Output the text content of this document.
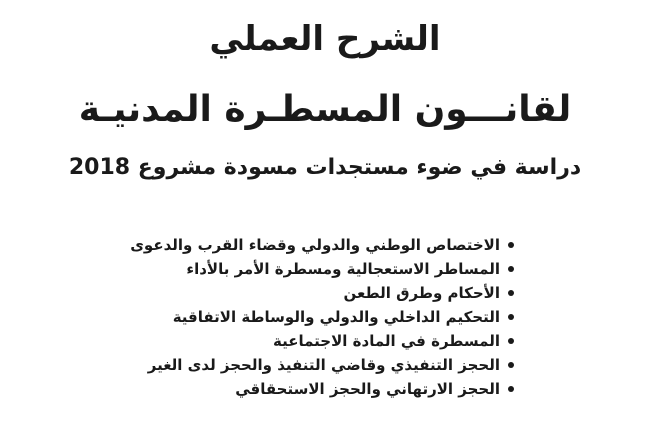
الشرح العملي
لقانـــون المسطـرة المدنيـة
دراسة في ضوء مستجدات مسودة مشروع 2018
الاختصاص الوطني والدولي وقضاء القرب والدعوى
المساطر الاستعجالية ومسطرة الأمر بالأداء
الأحكام وطرق الطعن
التحكيم الداخلي والدولي والوساطة الاتفاقية
المسطرة في المادة الاجتماعية
الحجز التنفيذي وقاضي التنفيذ والحجز لدى الغير
الحجز الارتهاني والحجز الاستحقاقي
